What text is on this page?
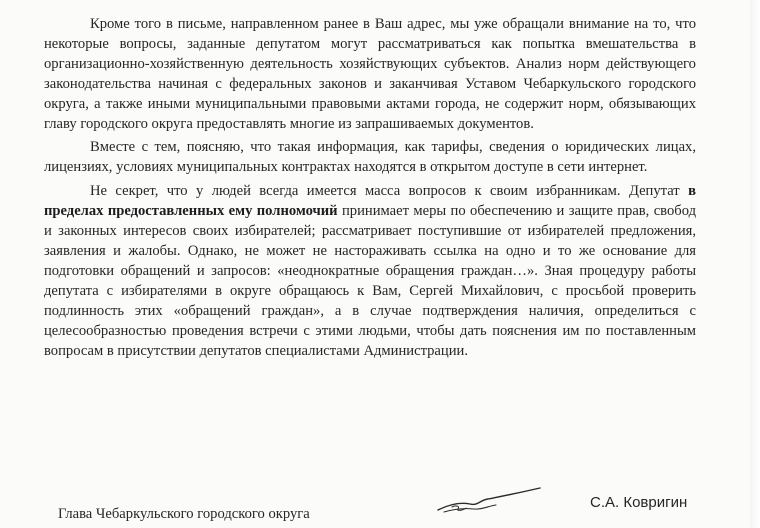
Кроме того в письме, направленном ранее в Ваш адрес, мы уже обращали внимание на то, что некоторые вопросы, заданные депутатом могут рассматриваться как попытка вмешательства в организационно-хозяйственную деятельность хозяйствующих субъектов. Анализ норм действующего законодательства начиная с федеральных законов и заканчивая Уставом Чебаркульского городского округа, а также иными муниципальными правовыми актами города, не содержит норм, обязывающих главу городского округа предоставлять многие из запрашиваемых документов.

Вместе с тем, поясняю, что такая информация, как тарифы, сведения о юридических лицах, лицензиях, условиях муниципальных контрактах находятся в открытом доступе в сети интернет.

Не секрет, что у людей всегда имеется масса вопросов к своим избранникам. Депутат в пределах предоставленных ему полномочий принимает меры по обеспечению и защите прав, свобод и законных интересов своих избирателей; рассматривает поступившие от избирателей предложения, заявления и жалобы. Однако, не может не настораживать ссылка на одно и то же основание для подготовки обращений и запросов: «неоднократные обращения граждан…». Зная процедуру работы депутата с избирателями в округе обращаюсь к Вам, Сергей Михайлович, с просьбой проверить подлинность этих «обращений граждан», а в случае подтверждения наличия, определиться с целесообразностью проведения встречи с этими людьми, чтобы дать пояснения им по поставленным вопросам в присутствии депутатов специалистами Администрации.

Глава Чебаркульского городского округа
С.А. Ковригин
